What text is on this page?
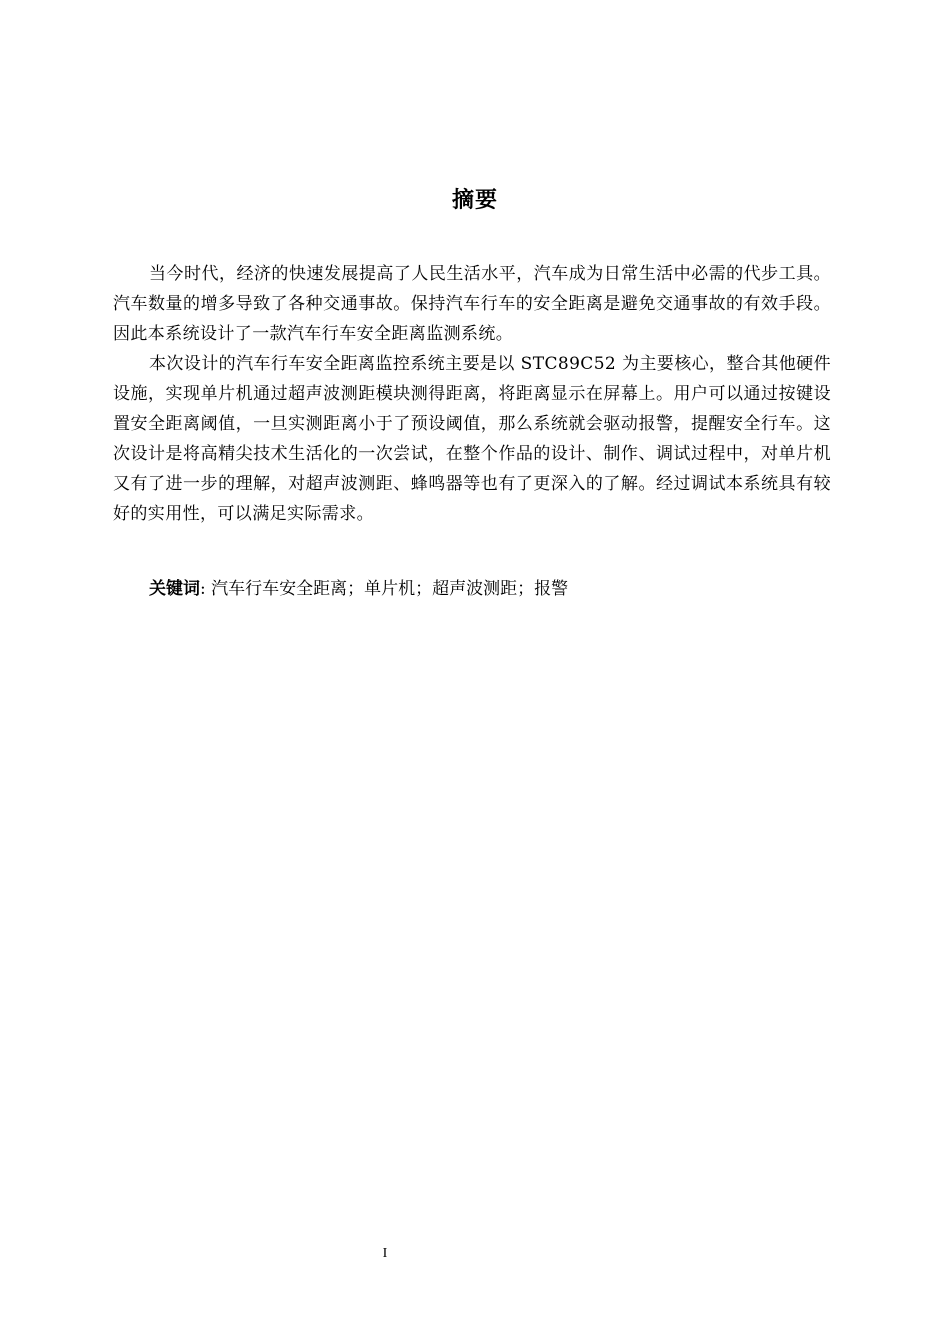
摘要

当今时代，经济的快速发展提高了人民生活水平，汽车成为日常生活中必需的代步工具。汽车数量的增多导致了各种交通事故。保持汽车行车的安全距离是避免交通事故的有效手段。因此本系统设计了一款汽车行车安全距离监测系统。

本次设计的汽车行车安全距离监控系统主要是以 STC89C52 为主要核心，整合其他硬件设施，实现单片机通过超声波测距模块测得距离，将距离显示在屏幕上。用户可以通过按键设置安全距离阈值，一旦实测距离小于了预设阈值，那么系统就会驱动报警，提醒安全行车。这次设计是将高精尖技术生活化的一次尝试，在整个作品的设计、制作、调试过程中，对单片机又有了进一步的理解，对超声波测距、蜂鸣器等也有了更深入的了解。经过调试本系统具有较好的实用性，可以满足实际需求。

关键词: 汽车行车安全距离；单片机；超声波测距；报警
I
